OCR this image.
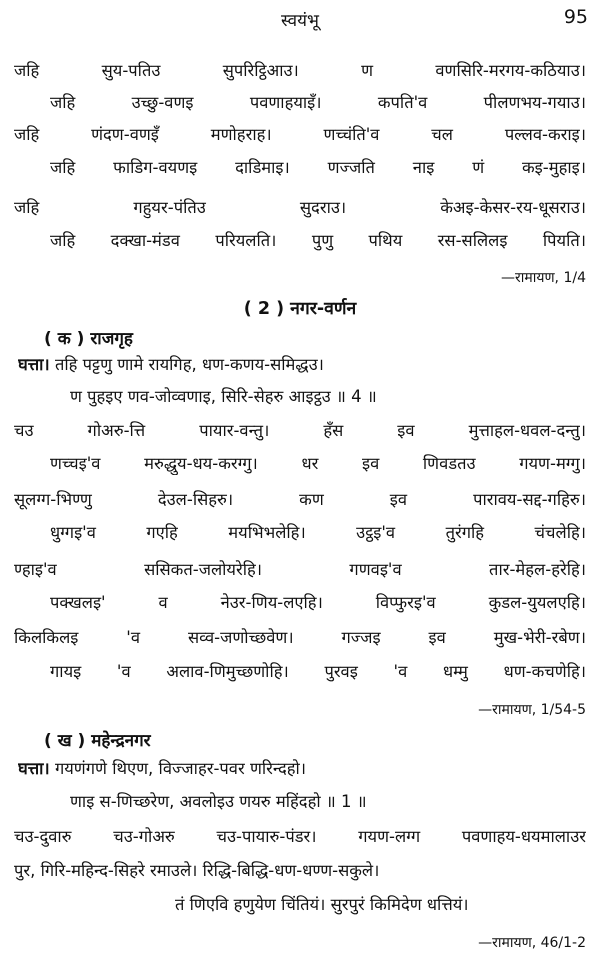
स्वयंभू	95
जहि सुय-पतिउ सुपरिट्ठिआउ। ण वणसिरि-मरगय-कठियाउ।
जहि उच्छु-वणइ पवणाहयाइँ। कपति'व पीलणभय-गयाउ।
जहि णंदण-वणइँ मणोहराह। णच्चंति'व चल पल्लव-कराइ।
जहि फाडिग-वयणइ दाडिमाइ। णज्जति नाइ णं कइ-मुहाइ।
जहि गहुयर-पंतिउ सुदराउ। केअइ-केसर-रय-धूसराउ।
जहि दक्खा-मंडव परियलति। पुणु पथिय रस-सलिलइ पियति।
—रामायण, 1/4
( 2 ) नगर-वर्णन
( क ) राजगृह
घत्ता। तहि पट्टणु णामे रायगिह, धण-कणय-समिद्धउ।
ण पुहइए णव-जोव्वणाइ, सिरि-सेहरु आइट्ठउ ॥ 4 ॥
चउ गोअरु-त्ति पायार-वन्तु। हँस इव मुत्ताहल-धवल-दन्तु।
णच्चइ'व मरुद्धुय-धय-करग्गु। धर इव णिवडतउ गयण-मग्गु।
सूलग्ग-भिण्णु देउल-सिहरु। कण इव पारावय-सद्द-गहिरु।
धुग्गइ'व गएहि मयभिभलेहि। उट्ठइ'व तुरंगहि चंचलेहि।
ण्हाइ'व ससिकत-जलोयरेहि। गणवइ'व तार-मेहल-हरेहि।
पक्खलइ' व नेउर-णिय-लएहि। विप्फुरइ'व कुडल-युयलएहि।
किलकिलइ 'व सव्व-जणोच्छवेण। गज्जइ इव मुख-भेरी-रबेण।
गायइ 'व अलाव-णिमुच्छणोहि। पुरवइ 'व धम्मु धण-कचणेहि।
—रामायण, 1/54-5
( ख ) महेन्द्रनगर
घत्ता। गयणंगणे थिएण, विज्जाहर-पवर णरिन्दहो।
णाइ स-णिच्छरेण, अवलोइउ णयरु महिंदहो ॥ 1 ॥
चउ-दुवारु चउ-गोअरु चउ-पायारु-पंडर। गयण-लग्ग पवणाहय-धयमालाउर
पुर, गिरि-महिन्द-सिहरे रमाउले। रिद्धि-बिद्धि-धण-धण्ण-सकुले।
तं णिएवि हणुयेण चिंतियं। सुरपुरं किमिदेण धत्तियं।
—रामायण, 46/1-2
